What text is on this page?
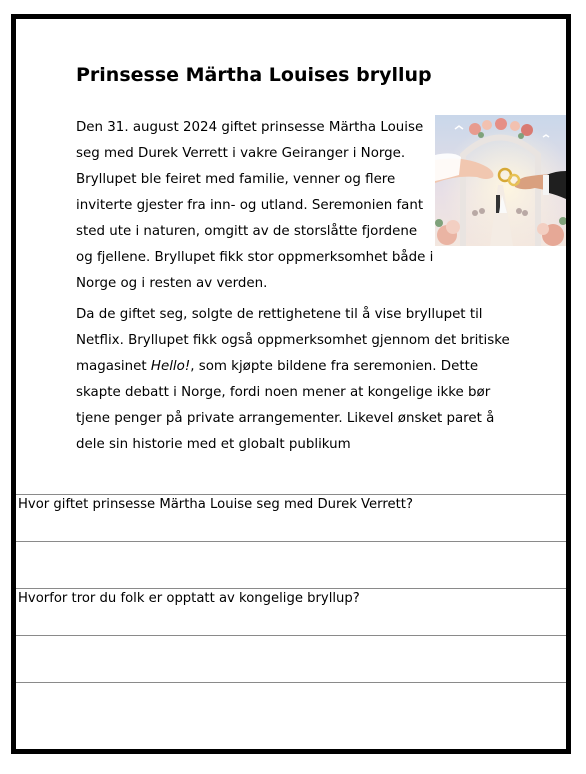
Prinsesse Märtha Louises bryllup

Den 31. august 2024 giftet prinsesse Märtha Louise seg med Durek Verrett i vakre Geiranger i Norge. Bryllupet ble feiret med familie, venner og flere inviterte gjester fra inn- og utland. Seremonien fant sted ute i naturen, omgitt av de storslåtte fjordene og fjellene. Bryllupet fikk stor oppmerksomhet både i Norge og i resten av verden.

Da de giftet seg, solgte de rettighetene til å vise bryllupet til Netflix. Bryllupet fikk også oppmerksomhet gjennom det britiske magasinet Hello!, som kjøpte bildene fra seremonien. Dette skapte debatt i Norge, fordi noen mener at kongelige ikke bør tjene penger på private arrangementer. Likevel ønsket paret å dele sin historie med et globalt publikum

Hvor giftet prinsesse Märtha Louise seg med Durek Verrett?
Hvorfor tror du folk er opptatt av kongelige bryllup?
